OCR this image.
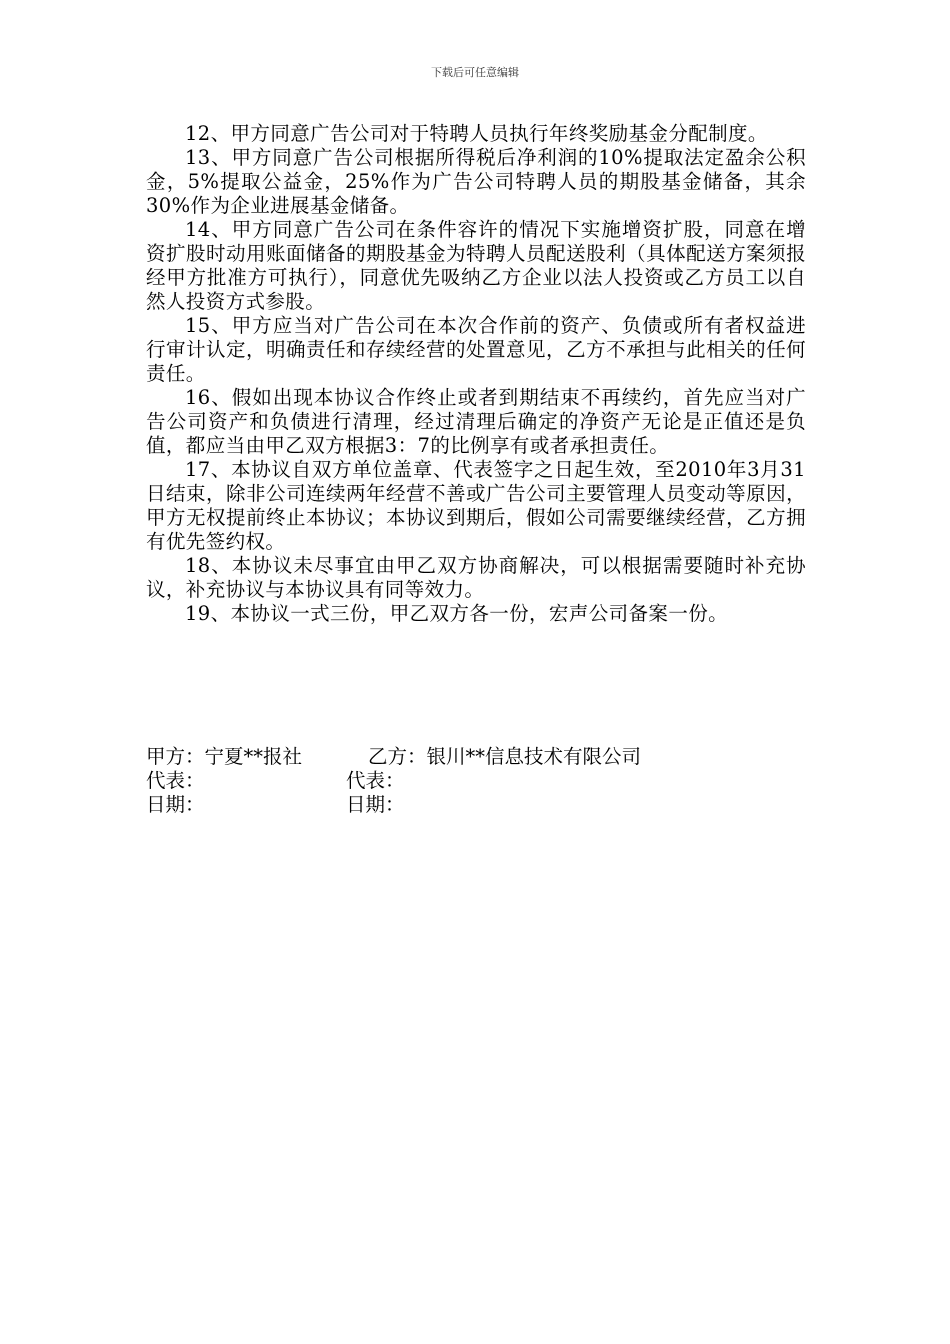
下载后可任意编辑

12、甲方同意广告公司对于特聘人员执行年终奖励基金分配制度。

13、甲方同意广告公司根据所得税后净利润的10%提取法定盈余公积金，5%提取公益金，25%作为广告公司特聘人员的期股基金储备，其余30%作为企业进展基金储备。

14、甲方同意广告公司在条件容许的情况下实施增资扩股，同意在增资扩股时动用账面储备的期股基金为特聘人员配送股利（具体配送方案须报经甲方批准方可执行），同意优先吸纳乙方企业以法人投资或乙方员工以自然人投资方式参股。

15、甲方应当对广告公司在本次合作前的资产、负债或所有者权益进行审计认定，明确责任和存续经营的处置意见，乙方不承担与此相关的任何责任。

16、假如出现本协议合作终止或者到期结束不再续约，首先应当对广告公司资产和负债进行清理，经过清理后确定的净资产无论是正值还是负值，都应当由甲乙双方根据3：7的比例享有或者承担责任。

17、本协议自双方单位盖章、代表签字之日起生效，至2010年3月31日结束，除非公司连续两年经营不善或广告公司主要管理人员变动等原因，甲方无权提前终止本协议；本协议到期后，假如公司需要继续经营，乙方拥有优先签约权。

18、本协议未尽事宜由甲乙双方协商解决，可以根据需要随时补充协议，补充协议与本协议具有同等效力。

19、本协议一式三份，甲乙双方各一份，宏声公司备案一份。

甲方：宁夏**报社	乙方：银川**信息技术有限公司
代表：	代表：
日期：	日期：
